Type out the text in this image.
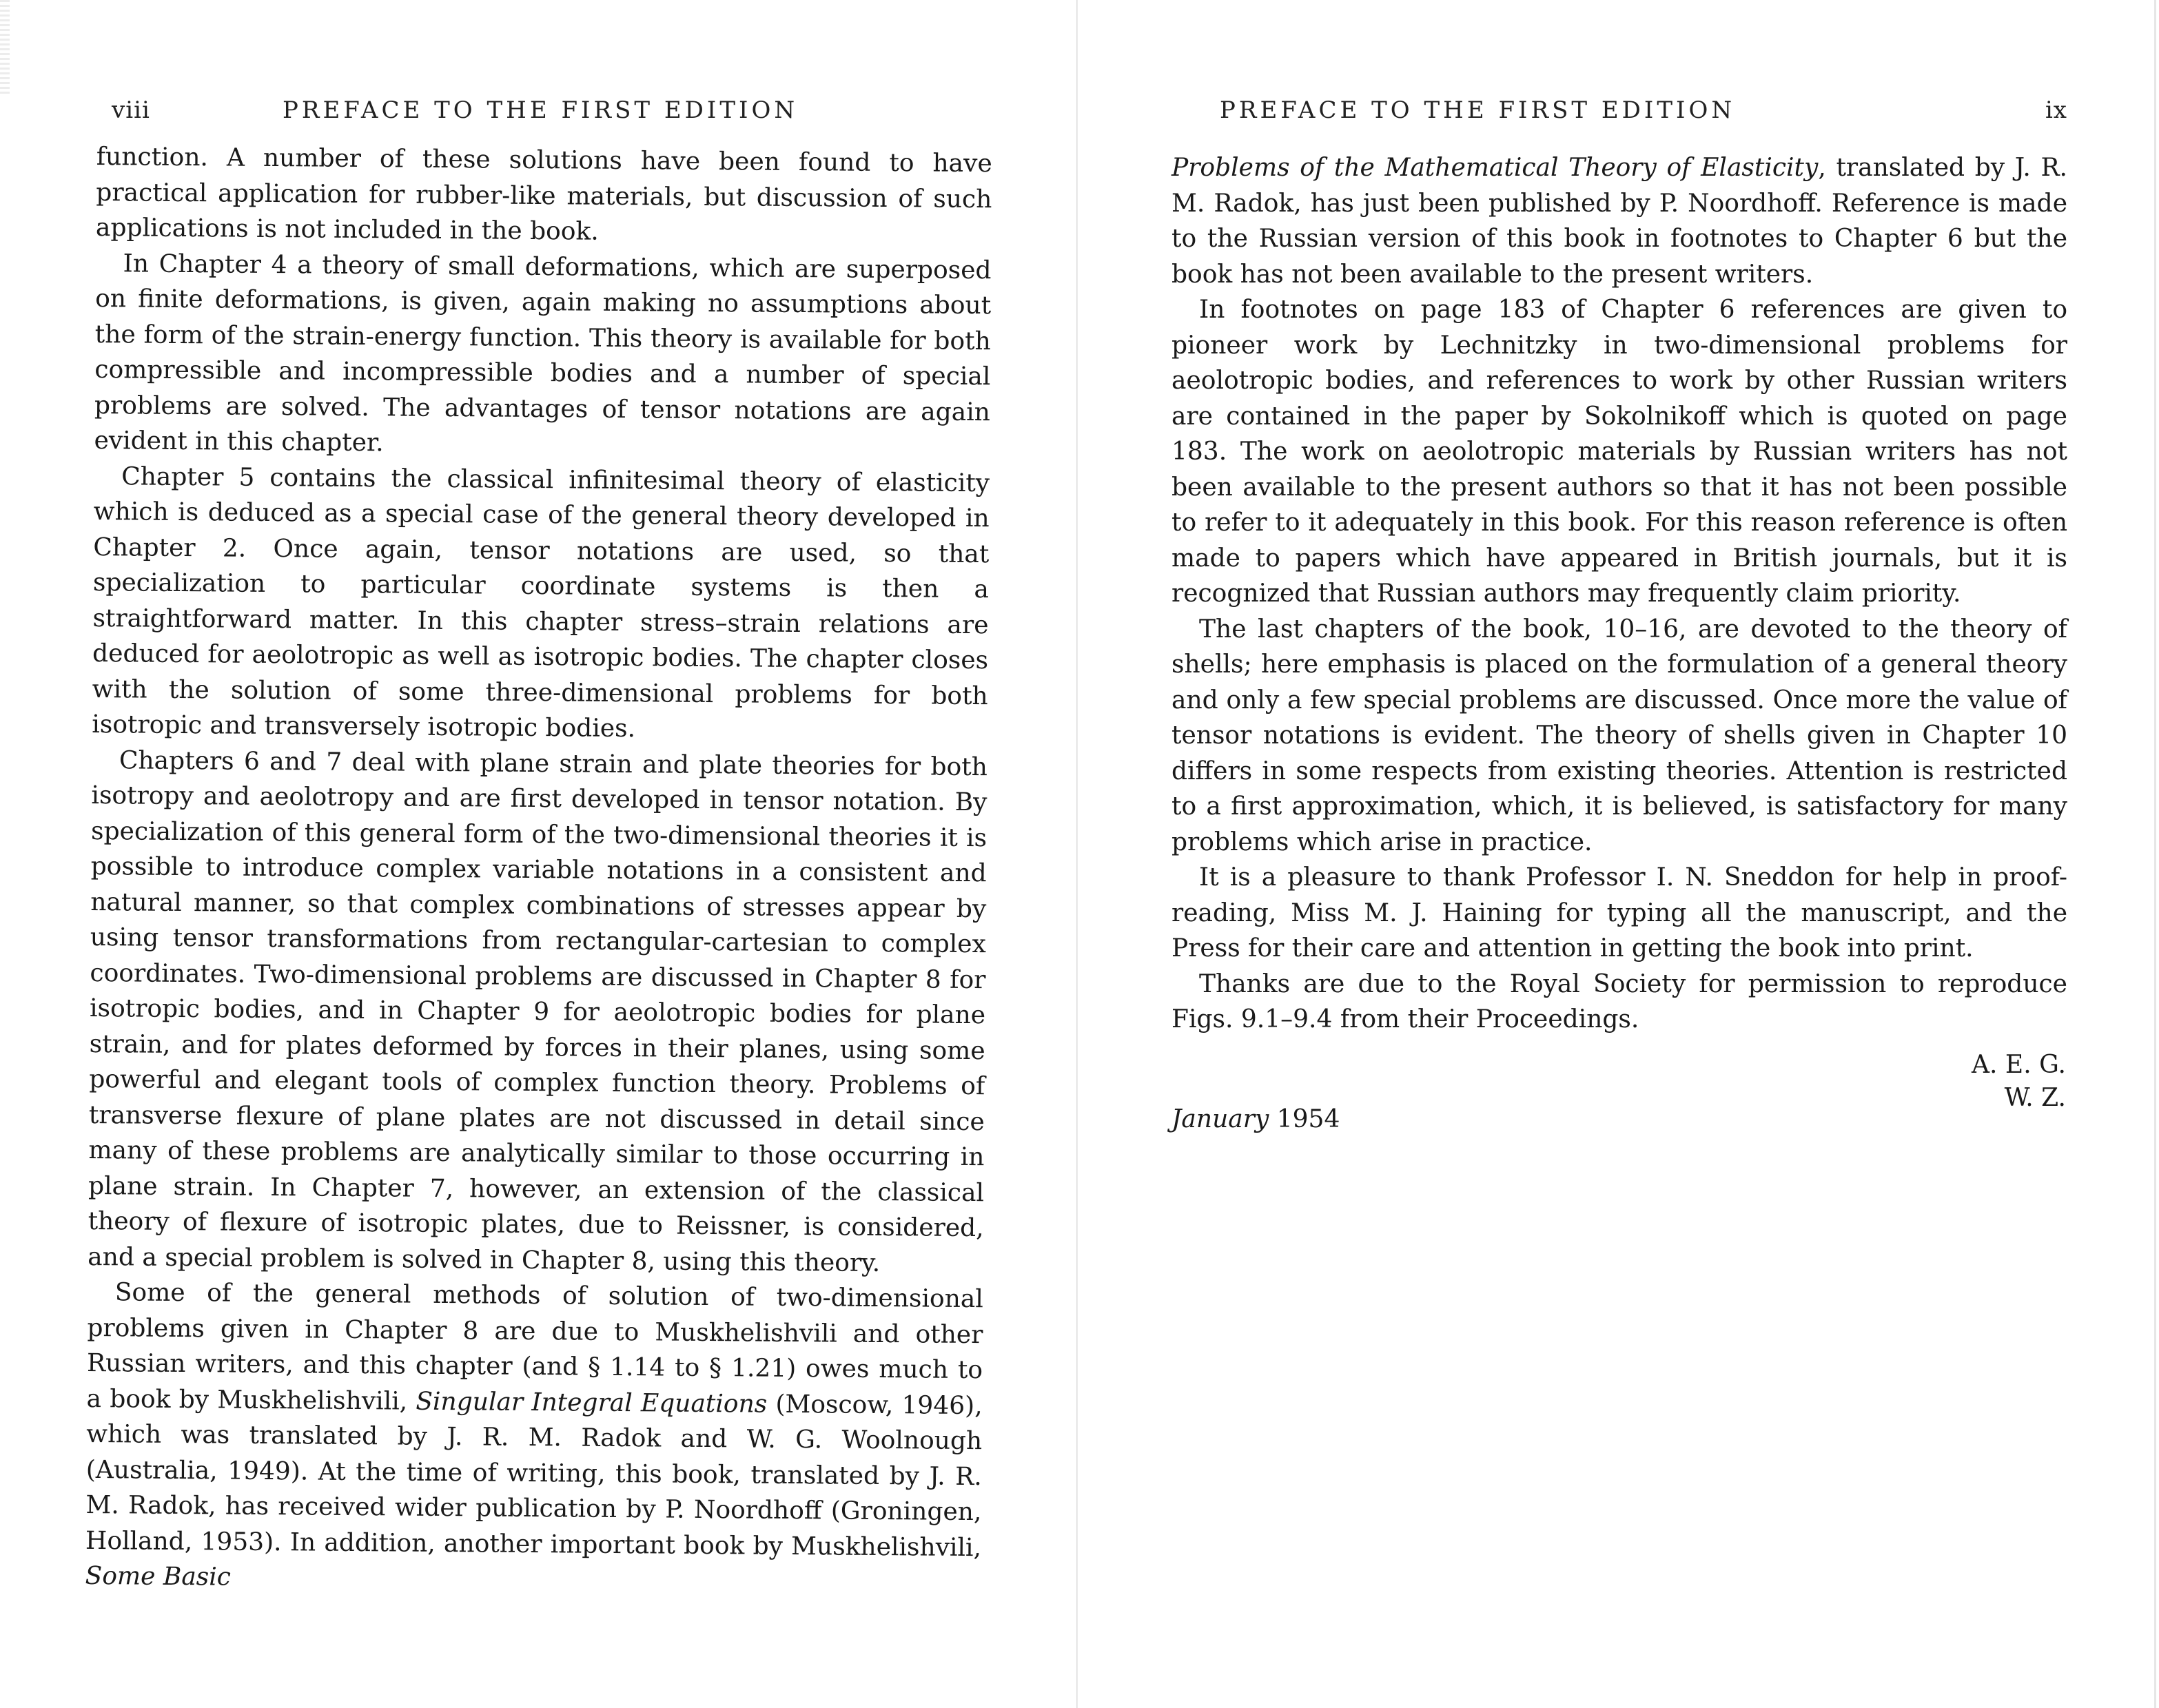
viii	PREFACE TO THE FIRST EDITION

function. A number of these solutions have been found to have practical application for rubber-like materials, but discussion of such applications is not included in the book.

In Chapter 4 a theory of small deformations, which are superposed on finite deformations, is given, again making no assumptions about the form of the strain-energy function. This theory is available for both compressible and incompressible bodies and a number of special problems are solved. The advantages of tensor notations are again evident in this chapter.

Chapter 5 contains the classical infinitesimal theory of elasticity which is deduced as a special case of the general theory developed in Chapter 2. Once again, tensor notations are used, so that specialization to particular coordinate systems is then a straightforward matter. In this chapter stress–strain relations are deduced for aeolotropic as well as isotropic bodies. The chapter closes with the solution of some three-dimensional problems for both isotropic and transversely isotropic bodies.

Chapters 6 and 7 deal with plane strain and plate theories for both isotropy and aeolotropy and are first developed in tensor notation. By specialization of this general form of the two-dimensional theories it is possible to introduce complex variable notations in a consistent and natural manner, so that complex combinations of stresses appear by using tensor transformations from rectangular-cartesian to complex coordinates. Two-dimensional problems are discussed in Chapter 8 for isotropic bodies, and in Chapter 9 for aeolotropic bodies for plane strain, and for plates deformed by forces in their planes, using some powerful and elegant tools of complex function theory. Problems of transverse flexure of plane plates are not discussed in detail since many of these problems are analytically similar to those occurring in plane strain. In Chapter 7, however, an extension of the classical theory of flexure of isotropic plates, due to Reissner, is considered, and a special problem is solved in Chapter 8, using this theory.

Some of the general methods of solution of two-dimensional problems given in Chapter 8 are due to Muskhelishvili and other Russian writers, and this chapter (and § 1.14 to § 1.21) owes much to a book by Muskhelishvili, Singular Integral Equations (Moscow, 1946), which was translated by J. R. M. Radok and W. G. Woolnough (Australia, 1949). At the time of writing, this book, translated by J. R. M. Radok, has received wider publication by P. Noordhoff (Groningen, Holland, 1953). In addition, another important book by Muskhelishvili, Some Basic

PREFACE TO THE FIRST EDITION	ix

Problems of the Mathematical Theory of Elasticity, translated by J. R. M. Radok, has just been published by P. Noordhoff. Reference is made to the Russian version of this book in footnotes to Chapter 6 but the book has not been available to the present writers.

In footnotes on page 183 of Chapter 6 references are given to pioneer work by Lechnitzky in two-dimensional problems for aeolotropic bodies, and references to work by other Russian writers are contained in the paper by Sokolnikoff which is quoted on page 183. The work on aeolotropic materials by Russian writers has not been available to the present authors so that it has not been possible to refer to it adequately in this book. For this reason reference is often made to papers which have appeared in British journals, but it is recognized that Russian authors may frequently claim priority.

The last chapters of the book, 10–16, are devoted to the theory of shells; here emphasis is placed on the formulation of a general theory and only a few special problems are discussed. Once more the value of tensor notations is evident. The theory of shells given in Chapter 10 differs in some respects from existing theories. Attention is restricted to a first approximation, which, it is believed, is satisfactory for many problems which arise in practice.

It is a pleasure to thank Professor I. N. Sneddon for help in proof-reading, Miss M. J. Haining for typing all the manuscript, and the Press for their care and attention in getting the book into print.

Thanks are due to the Royal Society for permission to reproduce Figs. 9.1–9.4 from their Proceedings.

A. E. G.
W. Z.
January 1954
